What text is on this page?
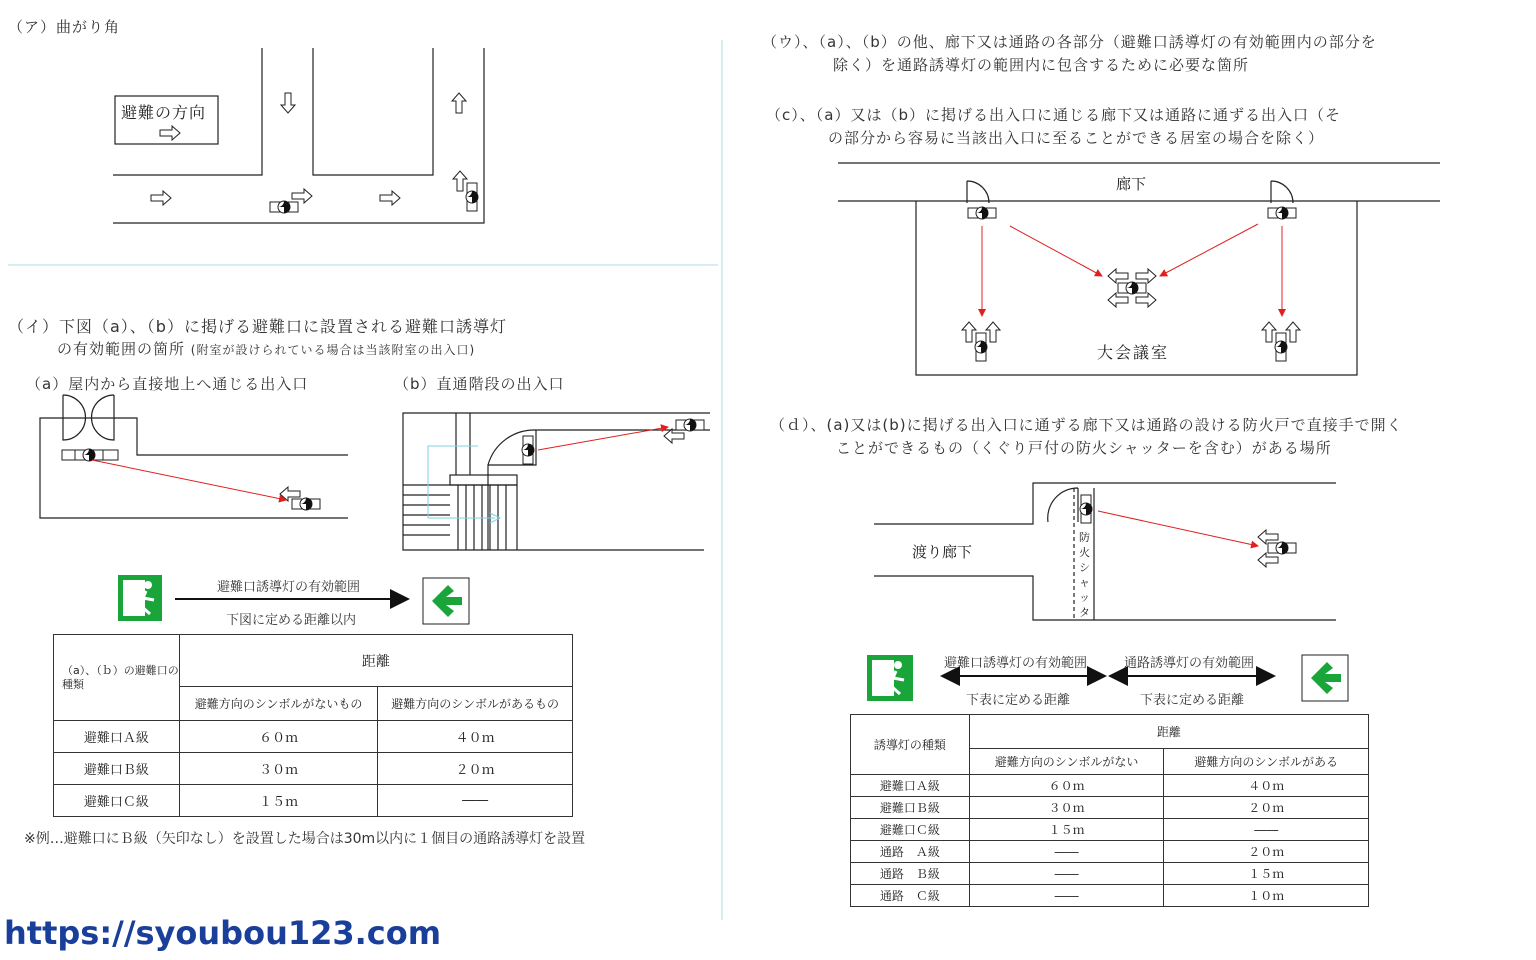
（ア）曲がり角
避難の方向
（イ）下図（a）、（b）に掲げる避難口に設置される避難口誘導灯
の有効範囲の箇所 (附室が設けられている場合は当該附室の出入口)
（a）屋内から直接地上へ通じる出入口	（b）直通階段の出入口
避難口誘導灯の有効範囲
下図に定める距離以内
（a）、（ｂ）の避難口の種類	距離	
	避難方向のシンボルがないもの	避難方向のシンボルがあるもの
避難口Ａ級	６０ｍ	４０ｍ
避難口Ｂ級	３０ｍ	２０ｍ
避難口Ｃ級	１５ｍ	――
※例…避難口にＢ級（矢印なし）を設置した場合は30m以内に１個目の通路誘導灯を設置
（ウ）、（a）、（b）の他、廊下又は通路の各部分（避難口誘導灯の有効範囲内の部分を
除く）を通路誘導灯の範囲内に包含するために必要な箇所
（c）、（a）又は（b）に掲げる出入口に通じる廊下又は通路に通ずる出入口（そ
の部分から容易に当該出入口に至ることができる居室の場合を除く）
廊下
大会議室
（ｄ）、(a)又は(b)に掲げる出入口に通ずる廊下又は通路の設ける防火戸で直接手で開く
ことができるもの（くぐり戸付の防火シャッターを含む）がある場所
渡り廊下
防火シャッタ
避難口誘導灯の有効範囲	通路誘導灯の有効範囲
下表に定める距離	下表に定める距離
誘導灯の種類	距離	
	避難方向のシンボルがない	避難方向のシンボルがある
避難口Ａ級	６０ｍ	４０ｍ
避難口Ｂ級	３０ｍ	２０ｍ
避難口Ｃ級	１５ｍ	――
通路　Ａ級	――	２０ｍ
通路　Ｂ級	――	１５ｍ
通路　Ｃ級	――	１０ｍ
https://syoubou123.com
